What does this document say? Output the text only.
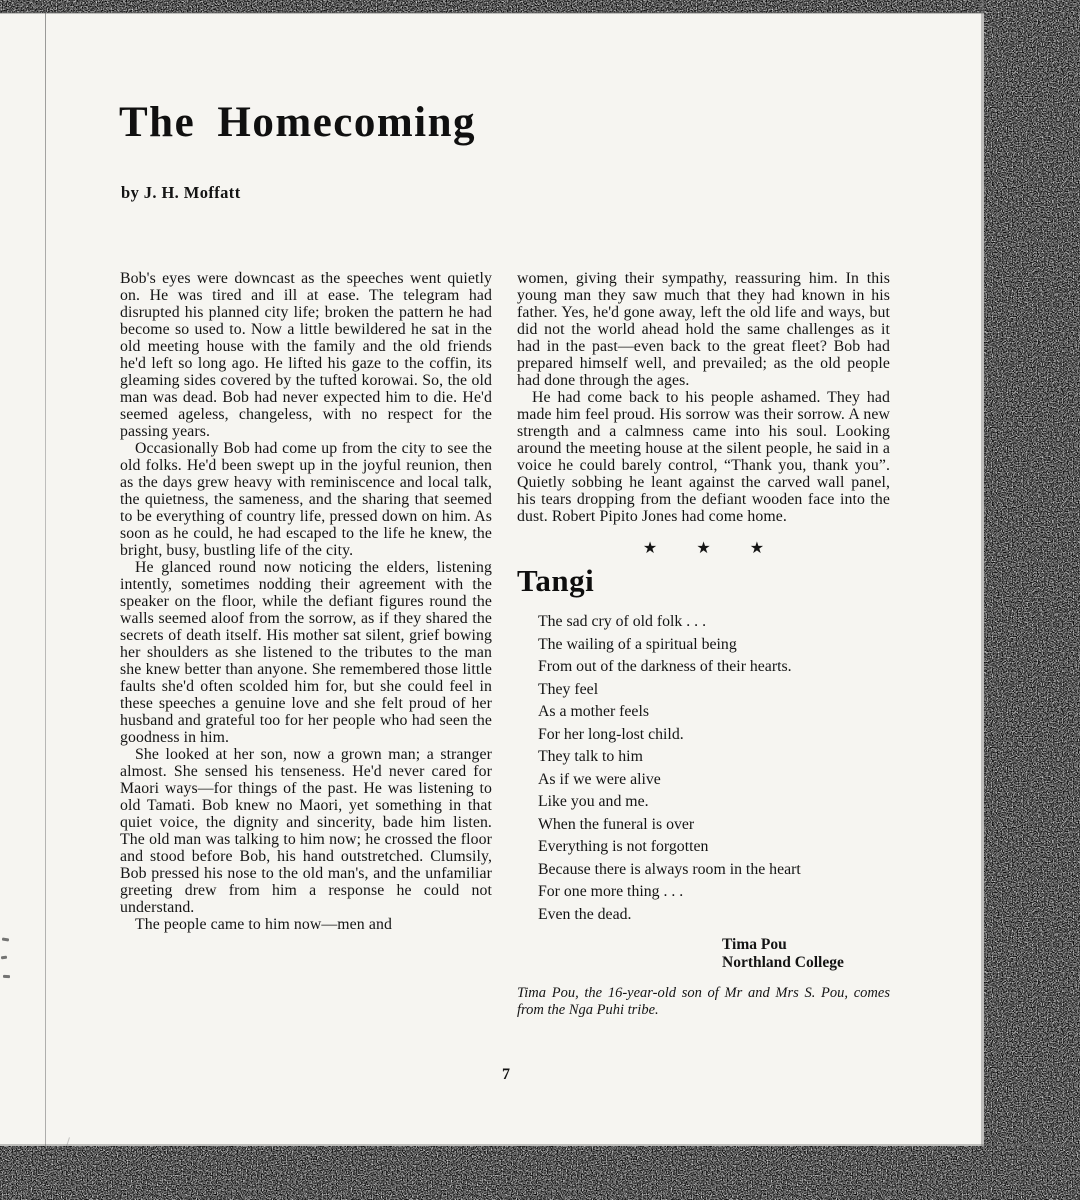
The Homecoming
by J. H. Moffatt

Bob's eyes were downcast as the speeches went quietly on. He was tired and ill at ease. The telegram had disrupted his planned city life; broken the pattern he had become so used to. Now a little bewildered he sat in the old meeting house with the family and the old friends he'd left so long ago. He lifted his gaze to the coffin, its gleaming sides covered by the tufted korowai. So, the old man was dead. Bob had never expected him to die. He'd seemed ageless, changeless, with no respect for the passing years.

Occasionally Bob had come up from the city to see the old folks. He'd been swept up in the joyful reunion, then as the days grew heavy with reminiscence and local talk, the quietness, the sameness, and the sharing that seemed to be everything of country life, pressed down on him. As soon as he could, he had escaped to the life he knew, the bright, busy, bustling life of the city.

He glanced round now noticing the elders, listening intently, sometimes nodding their agreement with the speaker on the floor, while the defiant figures round the walls seemed aloof from the sorrow, as if they shared the secrets of death itself. His mother sat silent, grief bowing her shoulders as she listened to the tributes to the man she knew better than anyone. She remembered those little faults she'd often scolded him for, but she could feel in these speeches a genuine love and she felt proud of her husband and grateful too for her people who had seen the goodness in him.

She looked at her son, now a grown man; a stranger almost. She sensed his tenseness. He'd never cared for Maori ways—for things of the past. He was listening to old Tamati. Bob knew no Maori, yet something in that quiet voice, the dignity and sincerity, bade him listen. The old man was talking to him now; he crossed the floor and stood before Bob, his hand outstretched. Clumsily, Bob pressed his nose to the old man's, and the unfamiliar greeting drew from him a response he could not understand.

The people came to him now—men and

women, giving their sympathy, reassuring him. In this young man they saw much that they had known in his father. Yes, he'd gone away, left the old life and ways, but did not the world ahead hold the same challenges as it had in the past—even back to the great fleet? Bob had prepared himself well, and prevailed; as the old people had done through the ages.

He had come back to his people ashamed. They had made him feel proud. His sorrow was their sorrow. A new strength and a calmness came into his soul. Looking around the meeting house at the silent people, he said in a voice he could barely control, “Thank you, thank you”. Quietly sobbing he leant against the carved wall panel, his tears dropping from the defiant wooden face into the dust. Robert Pipito Jones had come home.

★ ★ ★
Tangi
The sad cry of old folk . . .
The wailing of a spiritual being
From out of the darkness of their hearts.
They feel
As a mother feels
For her long-lost child.
They talk to him
As if we were alive
Like you and me.
When the funeral is over
Everything is not forgotten
Because there is always room in the heart
For one more thing . . .
Even the dead.
Tima Pou
Northland College

Tima Pou, the 16-year-old son of Mr and Mrs S. Pou, comes from the Nga Puhi tribe.

7
